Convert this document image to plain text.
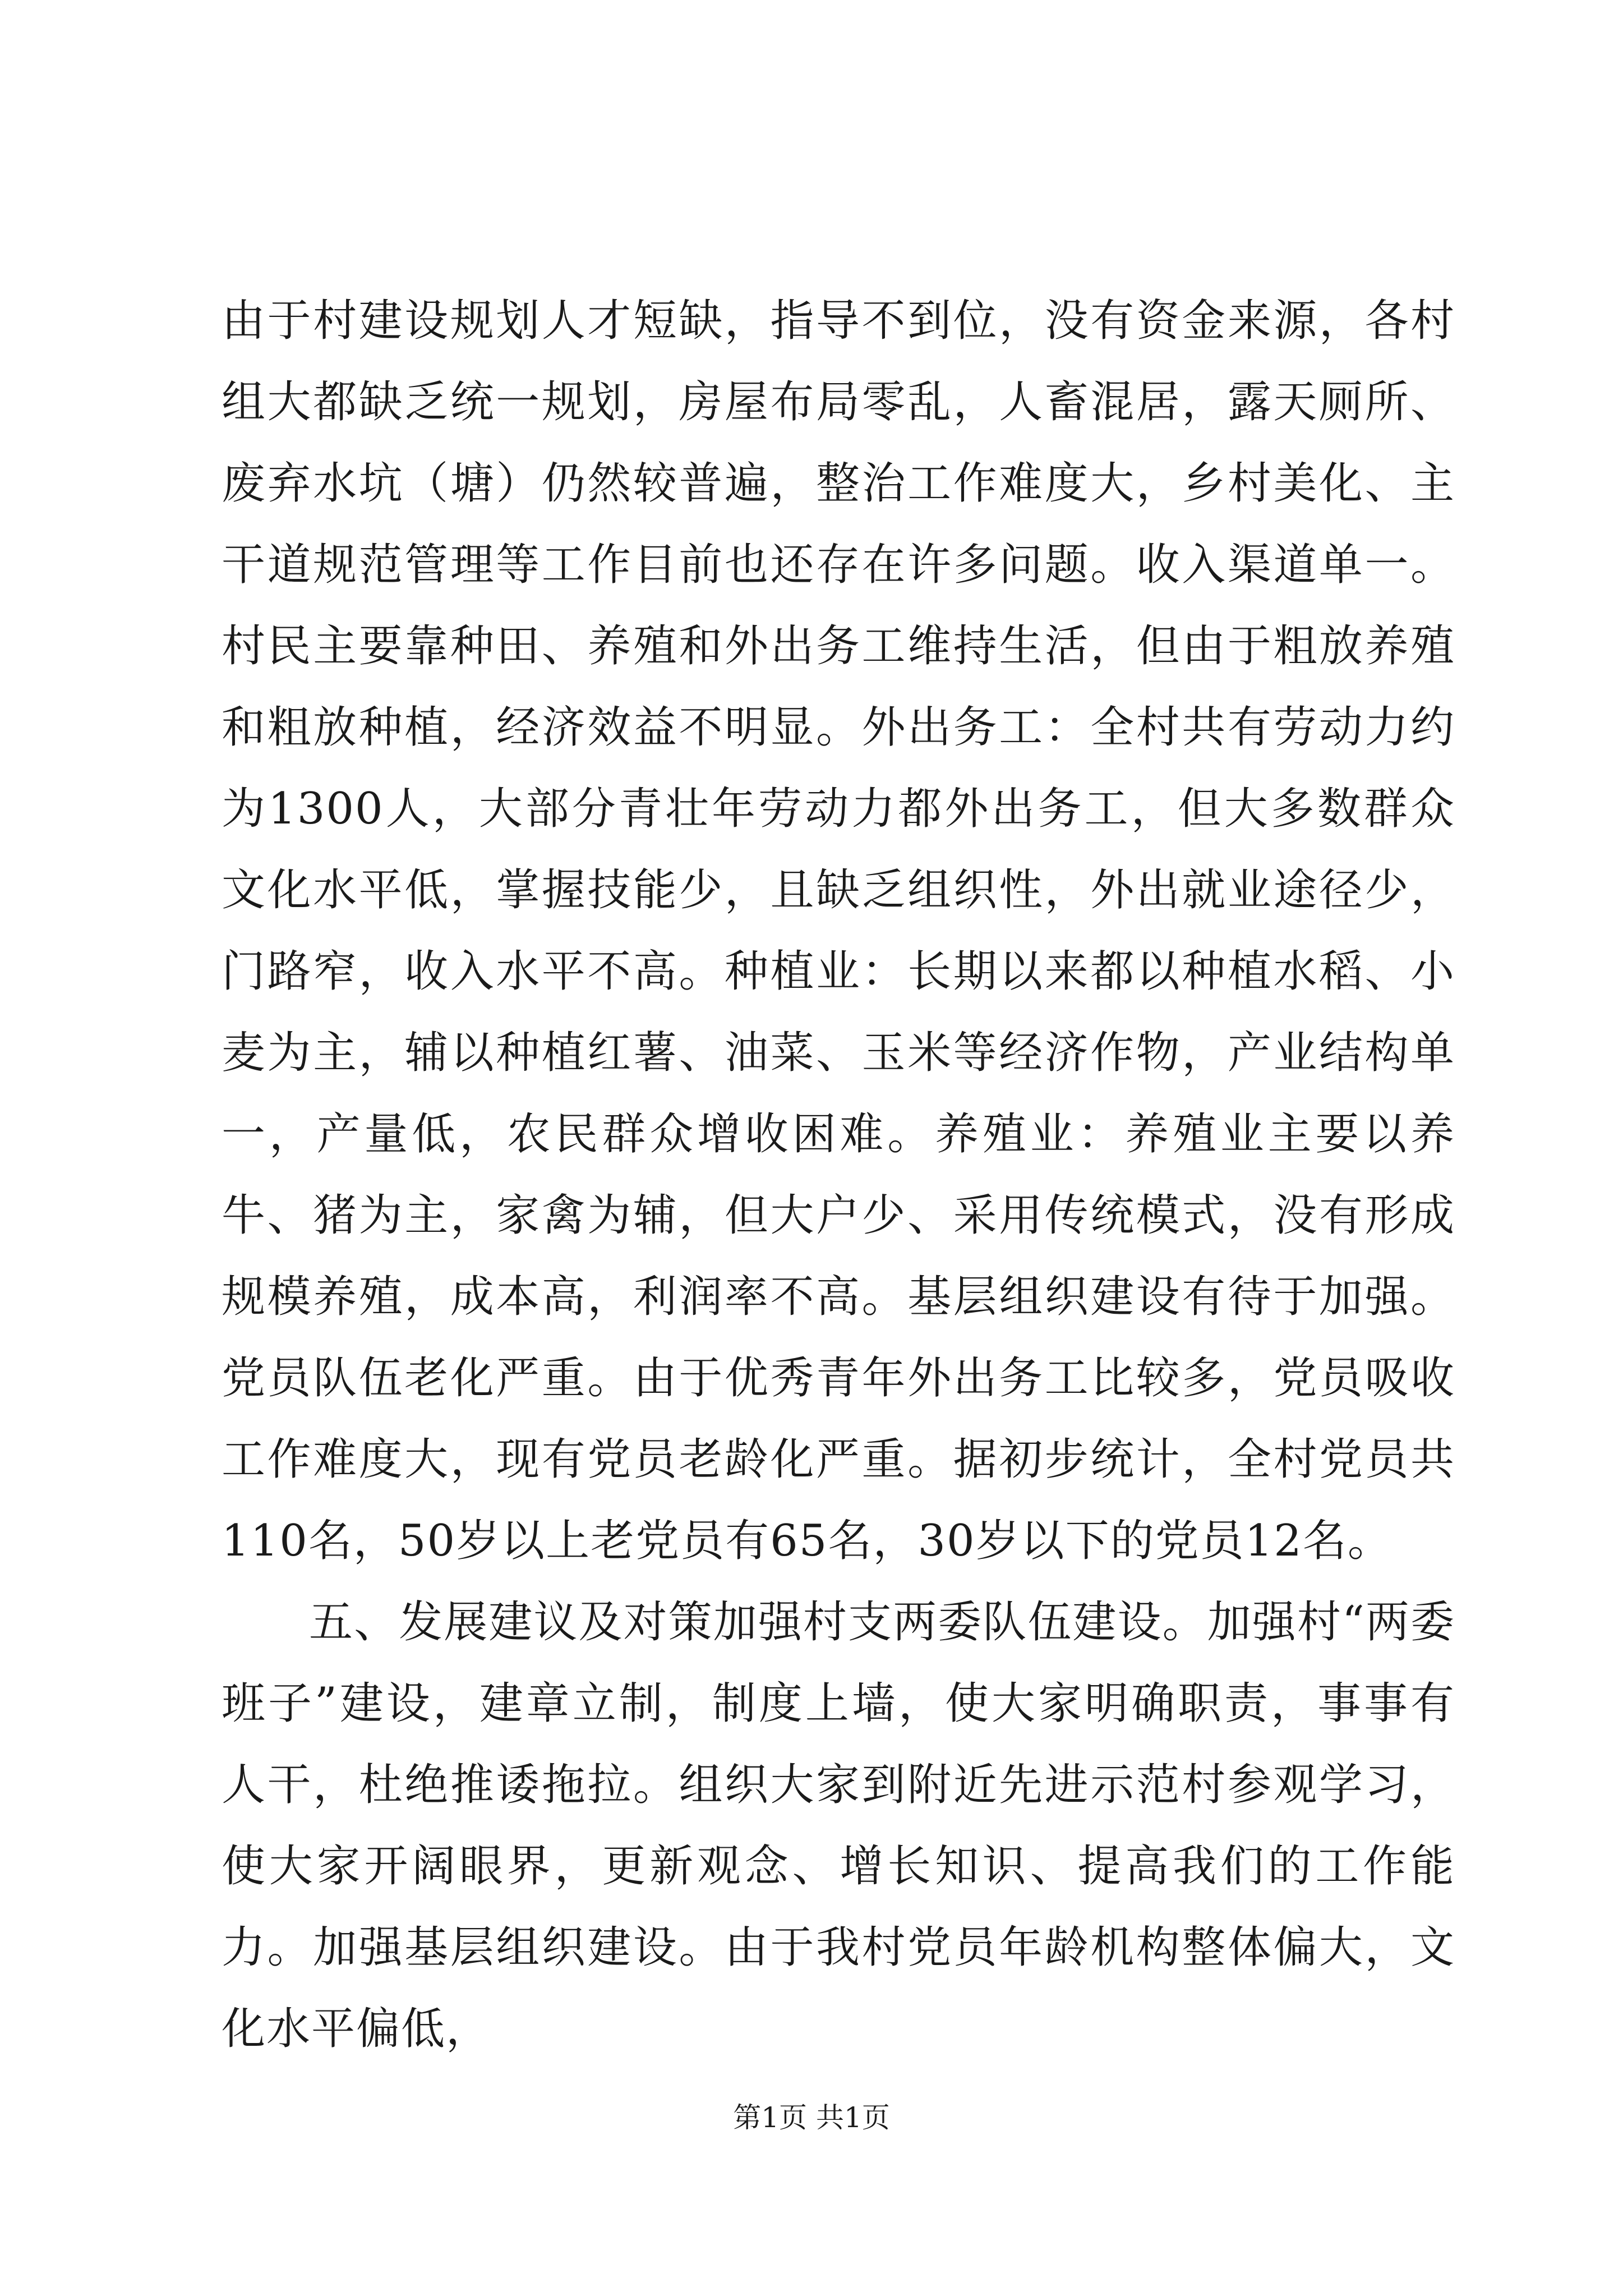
由于村建设规划人才短缺，指导不到位，没有资金来源，各村组大都缺乏统一规划，房屋布局零乱，人畜混居，露天厕所、废弃水坑（塘）仍然较普遍，整治工作难度大，乡村美化、主干道规范管理等工作目前也还存在许多问题。收入渠道单一。村民主要靠种田、养殖和外出务工维持生活，但由于粗放养殖和粗放种植，经济效益不明显。外出务工：全村共有劳动力约为1300人，大部分青壮年劳动力都外出务工，但大多数群众文化水平低，掌握技能少，且缺乏组织性，外出就业途径少，门路窄，收入水平不高。种植业：长期以来都以种植水稻、小麦为主，辅以种植红薯、油菜、玉米等经济作物，产业结构单一，产量低，农民群众增收困难。养殖业：养殖业主要以养牛、猪为主，家禽为辅，但大户少、采用传统模式，没有形成规模养殖，成本高，利润率不高。基层组织建设有待于加强。党员队伍老化严重。由于优秀青年外出务工比较多，党员吸收工作难度大，现有党员老龄化严重。据初步统计，全村党员共110名，50岁以上老党员有65名，30岁以下的党员12名。

五、发展建议及对策加强村支两委队伍建设。加强村“两委班子”建设，建章立制，制度上墙，使大家明确职责，事事有人干，杜绝推诿拖拉。组织大家到附近先进示范村参观学习，使大家开阔眼界，更新观念、增长知识、提高我们的工作能力。加强基层组织建设。由于我村党员年龄机构整体偏大，文化水平偏低，

第1页 共1页
